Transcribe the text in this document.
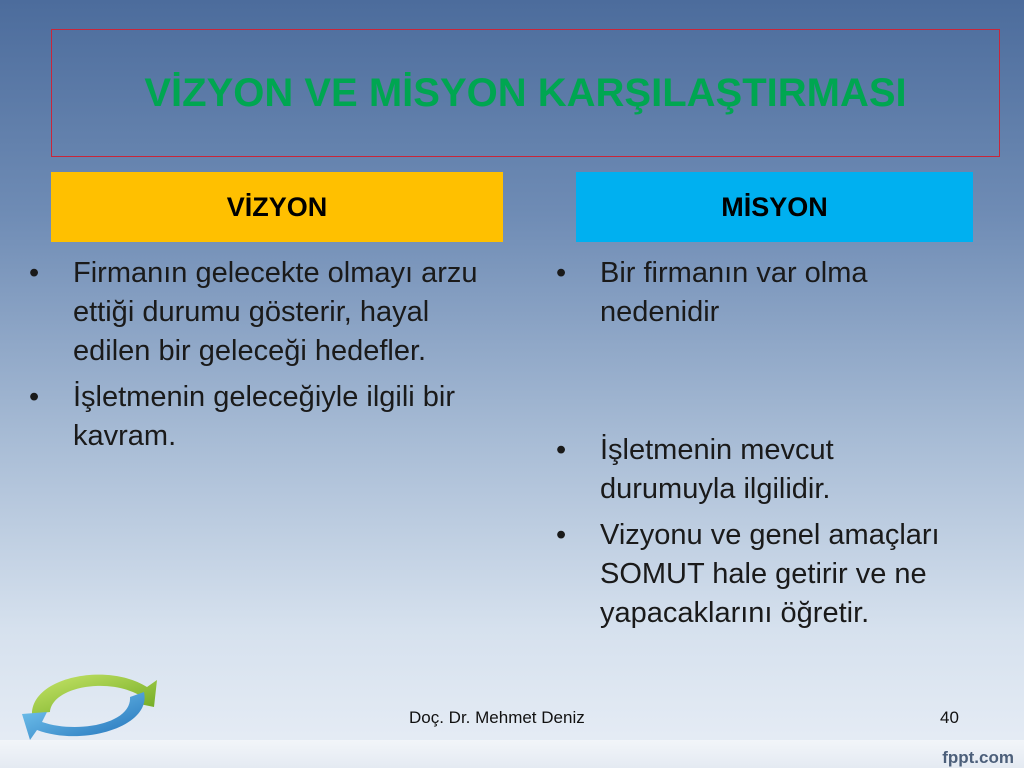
VİZYON VE MİSYON KARŞILAŞTIRMASI
VİZYON	MİSYON
• Firmanın gelecekte olmayı arzu ettiği durumu gösterir, hayal edilen bir geleceği hedefler.
• İşletmenin geleceğiyle ilgili bir kavram.
• Bir firmanın var olma nedenidir
• İşletmenin mevcut durumuyla ilgilidir.
• Vizyonu ve genel amaçları SOMUT hale getirir ve ne yapacaklarını öğretir.
Doç. Dr. Mehmet Deniz	40
fppt.com
